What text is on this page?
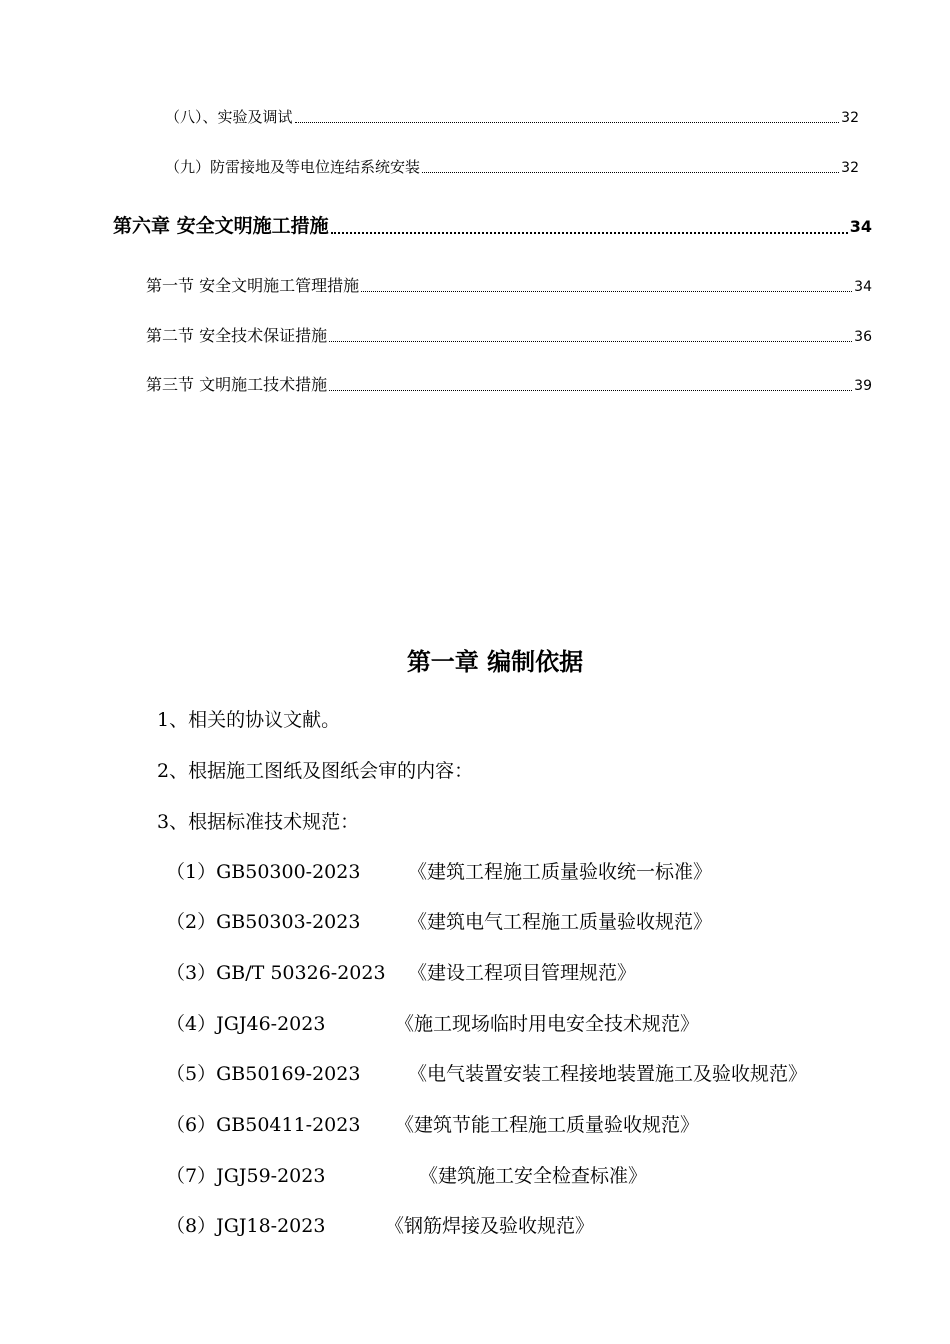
（八）、实验及调试	32
（九）防雷接地及等电位连结系统安装	32
第六章 安全文明施工措施	34
第一节 安全文明施工管理措施	34
第二节 安全技术保证措施	36
第三节 文明施工技术措施	39
第一章 编制依据
1、相关的协议文献。
2、根据施工图纸及图纸会审的内容：
3、根据标准技术规范：
（1）GB50300-2023	《建筑工程施工质量验收统一标准》
（2）GB50303-2023	《建筑电气工程施工质量验收规范》
（3）GB/T 50326-2023 《建设工程项目管理规范》
（4）JGJ46-2023	《施工现场临时用电安全技术规范》
（5）GB50169-2023	《电气装置安装工程接地装置施工及验收规范》
（6）GB50411-2023 《建筑节能工程施工质量验收规范》
（7）JGJ59-2023	《建筑施工安全检查标准》
（8）JGJ18-2023	《钢筋焊接及验收规范》
